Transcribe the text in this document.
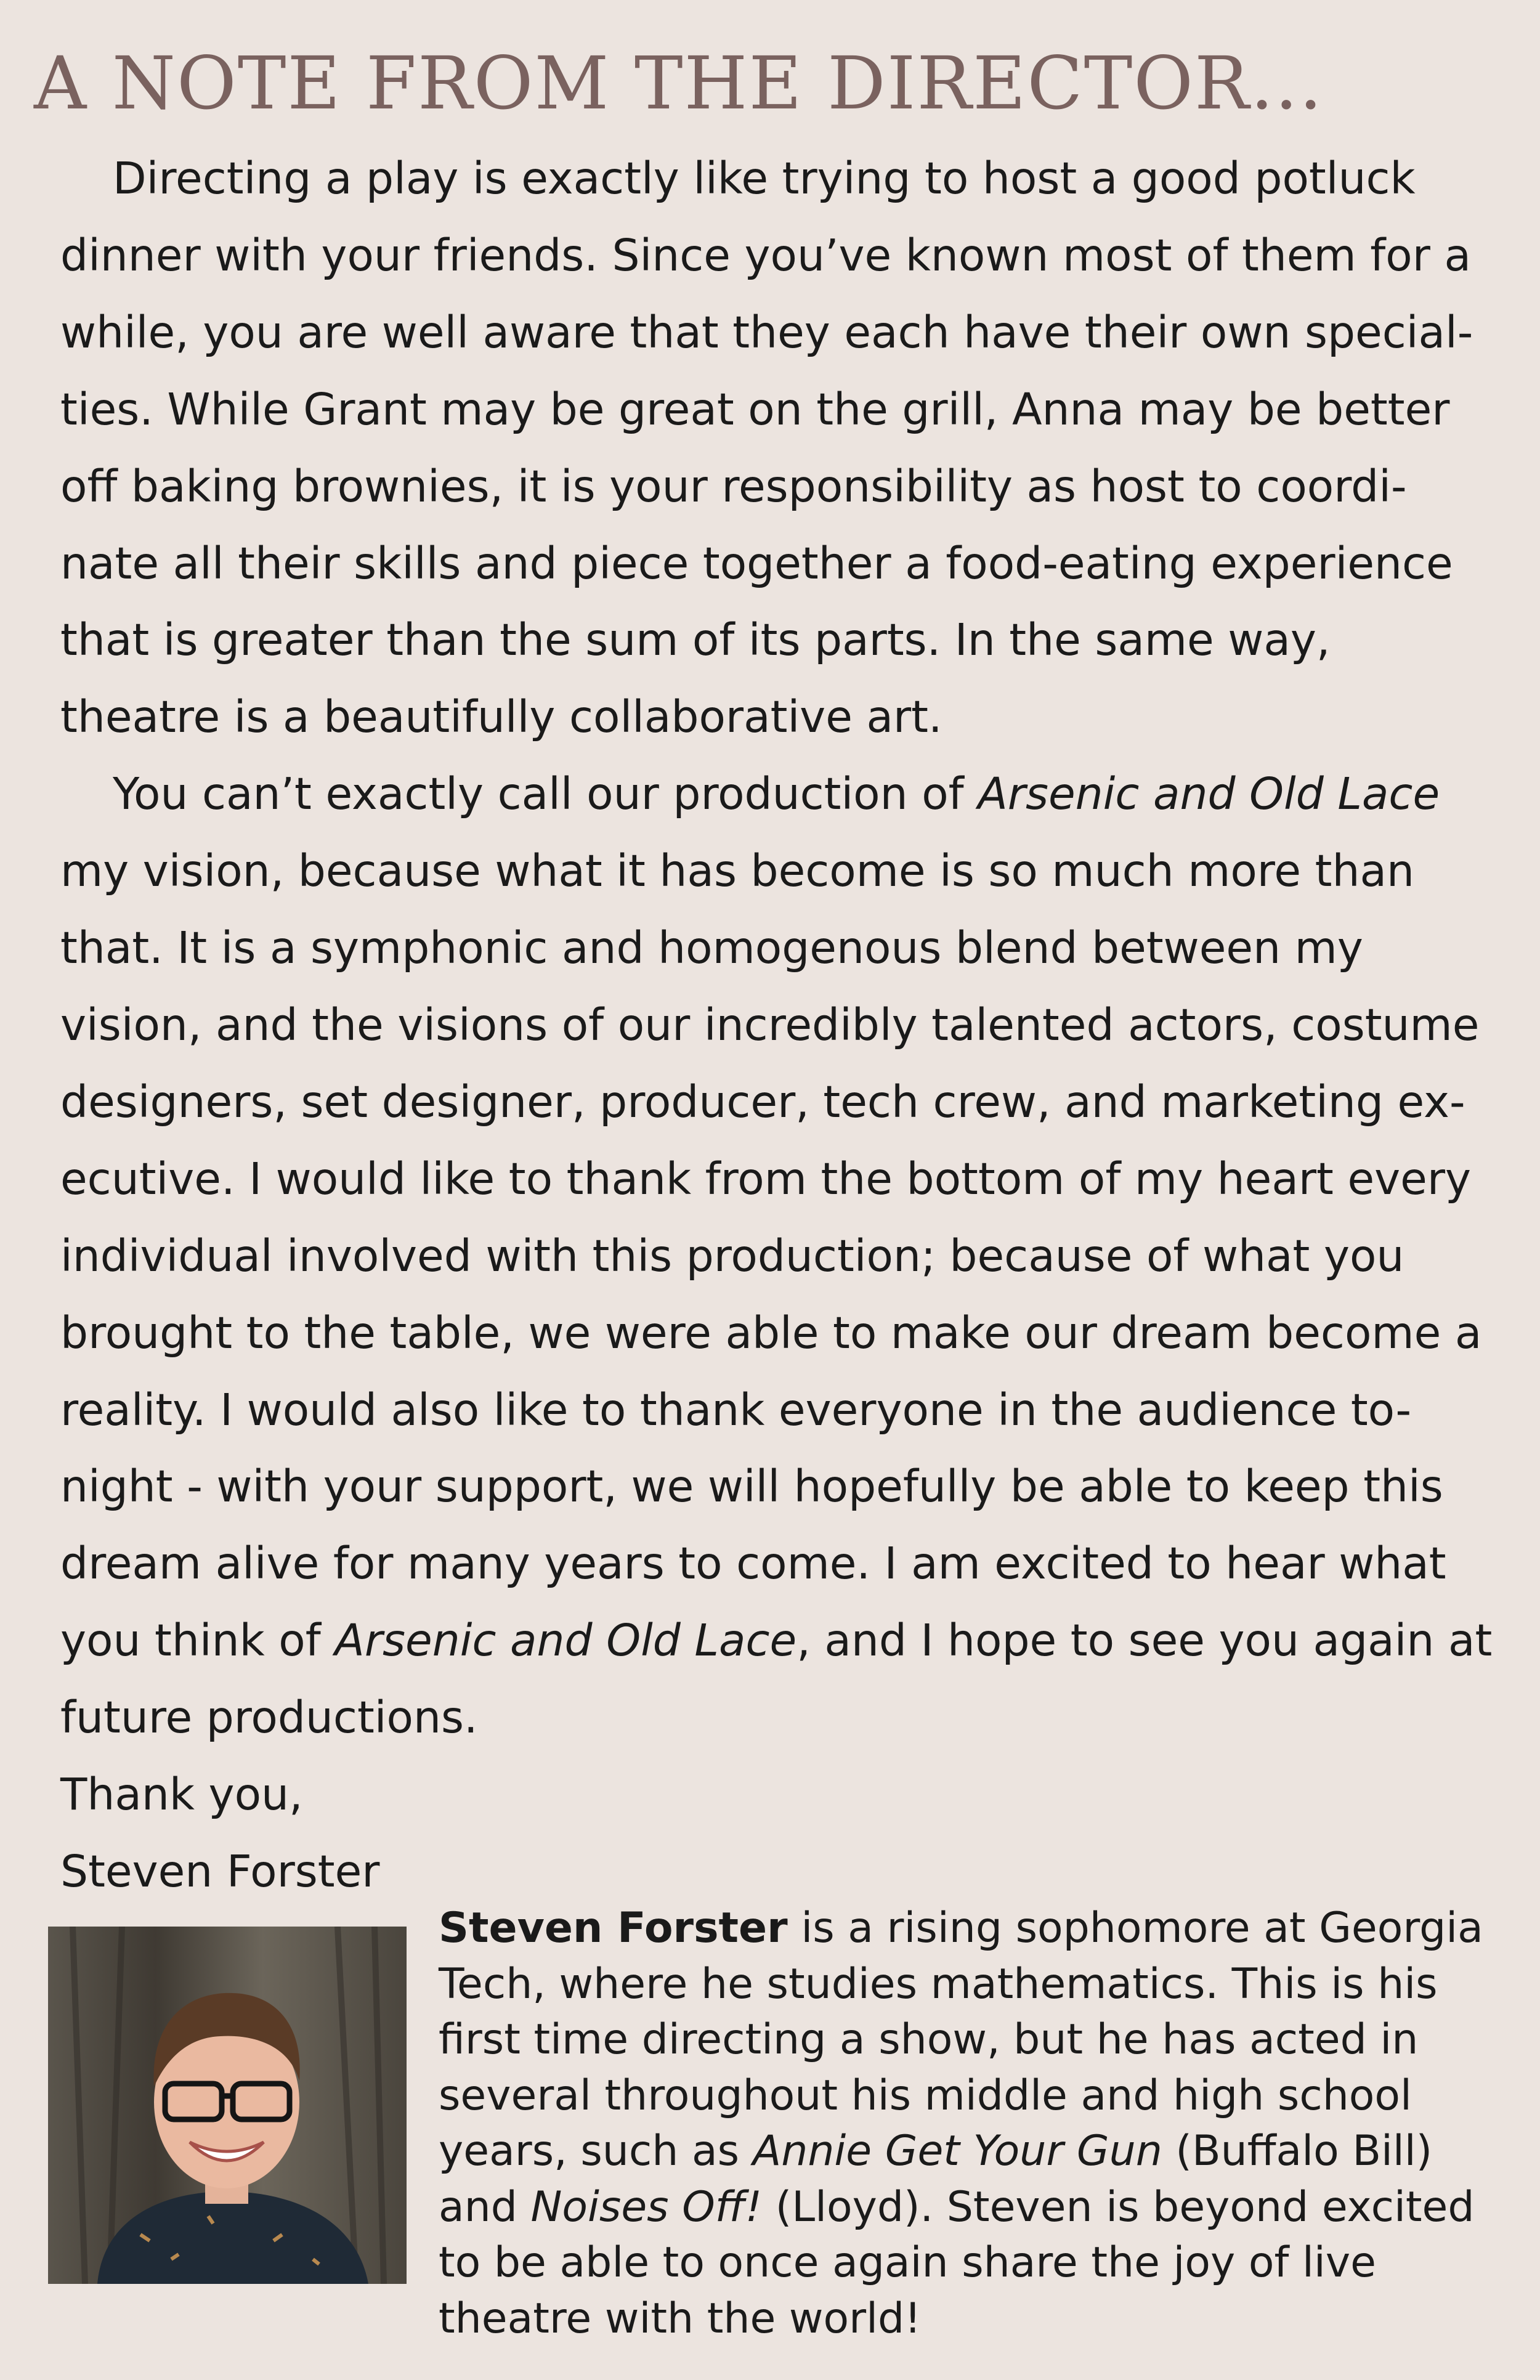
A NOTE FROM THE DIRECTOR...

Directing a play is exactly like trying to host a good potluck dinner with your friends. Since you’ve known most of them for a while, you are well aware that they each have their own special-ties. While Grant may be great on the grill, Anna may be better off baking brownies, it is your responsibility as host to coordi-nate all their skills and piece together a food-eating experience that is greater than the sum of its parts. In the same way, theatre is a beautifully collaborative art.

You can’t exactly call our production of Arsenic and Old Lace my vision, because what it has become is so much more than that. It is a symphonic and homogenous blend between my vision, and the visions of our incredibly talented actors, costume designers, set designer, producer, tech crew, and marketing ex-ecutive. I would like to thank from the bottom of my heart every individual involved with this production; because of what you brought to the table, we were able to make our dream become a reality. I would also like to thank everyone in the audience to-night - with your support, we will hopefully be able to keep this dream alive for many years to come. I am excited to hear what you think of Arsenic and Old Lace, and I hope to see you again at future productions.

Thank you,

Steven Forster

Steven Forster is a rising sophomore at Georgia Tech, where he studies mathematics. This is his first time directing a show, but he has acted in several throughout his middle and high school years, such as Annie Get Your Gun (Buffalo Bill) and Noises Off! (Lloyd). Steven is beyond excited to be able to once again share the joy of live theatre with the world!
